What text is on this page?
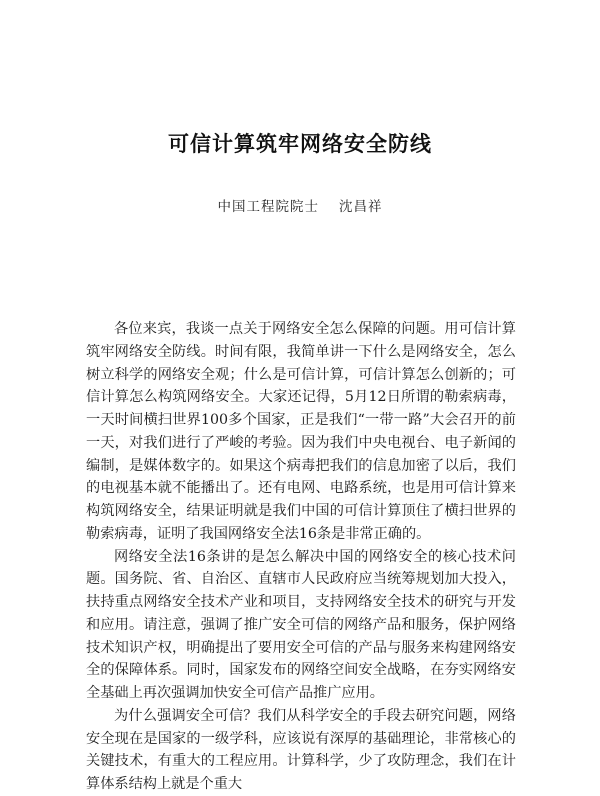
可信计算筑牢网络安全防线
中国工程院院士 沈昌祥

各位来宾，我谈一点关于网络安全怎么保障的问题。用可信计算筑牢网络安全防线。时间有限，我简单讲一下什么是网络安全，怎么树立科学的网络安全观；什么是可信计算，可信计算怎么创新的；可信计算怎么构筑网络安全。大家还记得，5月12日所谓的勒索病毒，一天时间横扫世界100多个国家，正是我们“一带一路”大会召开的前一天，对我们进行了严峻的考验。因为我们中央电视台、电子新闻的编制，是媒体数字的。如果这个病毒把我们的信息加密了以后，我们的电视基本就不能播出了。还有电网、电路系统，也是用可信计算来构筑网络安全，结果证明就是我们中国的可信计算顶住了横扫世界的勒索病毒，证明了我国网络安全法16条是非常正确的。

网络安全法16条讲的是怎么解决中国的网络安全的核心技术问题。国务院、省、自治区、直辖市人民政府应当统筹规划加大投入，扶持重点网络安全技术产业和项目，支持网络安全技术的研究与开发和应用。请注意，强调了推广安全可信的网络产品和服务，保护网络技术知识产权，明确提出了要用安全可信的产品与服务来构建网络安全的保障体系。同时，国家发布的网络空间安全战略，在夯实网络安全基础上再次强调加快安全可信产品推广应用。

为什么强调安全可信？我们从科学安全的手段去研究问题，网络安全现在是国家的一级学科，应该说有深厚的基础理论，非常核心的关键技术，有重大的工程应用。计算科学，少了攻防理念，我们在计算体系结构上就是个重大
